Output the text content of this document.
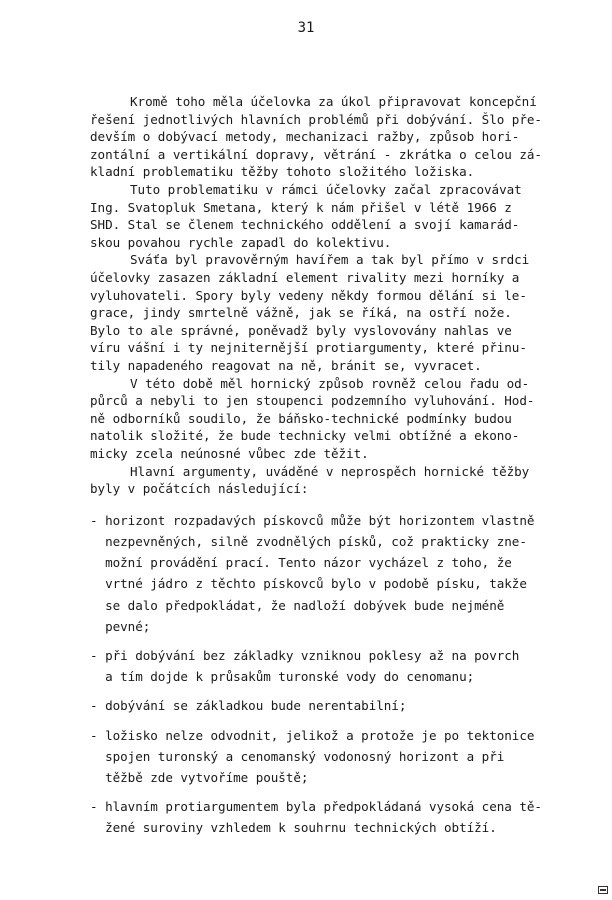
31
Kromě toho měla účelovka za úkol připravovat koncepční
řešení jednotlivých hlavních problémů při dobývání. Šlo pře-
devším o dobývací metody, mechanizaci ražby, způsob hori-
zontální a vertikální dopravy, větrání - zkrátka o celou zá-
kladní problematiku těžby tohoto složitého ložiska.
Tuto problematiku v rámci účelovky začal zpracovávat
Ing. Svatopluk Smetana, který k nám přišel v létě 1966 z
SHD. Stal se členem technického oddělení a svojí kamarád-
skou povahou rychle zapadl do kolektivu.
Sváťa byl pravověrným havířem a tak byl přímo v srdci
účelovky zasazen základní element rivality mezi horníky a
vyluhovateli. Spory byly vedeny někdy formou dělání si le-
grace, jindy smrtelně vážně, jak se říká, na ostří nože.
Bylo to ale správné, poněvadž byly vyslovovány nahlas ve
víru vášní i ty nejniternější protiargumenty, které přinu-
tily napadeného reagovat na ně, bránit se, vyvracet.
V této době měl hornický způsob rovněž celou řadu od-
půrců a nebyli to jen stoupenci podzemního vyluhování. Hod-
ně odborníků soudilo, že báňsko-technické podmínky budou
natolik složité, že bude technicky velmi obtížné a ekono-
micky zcela neúnosné vůbec zde těžit.
Hlavní argumenty, uváděné v neprospěch hornické těžby
byly v počátcích následující:
- horizont rozpadavých pískovců může být horizontem vlastně
nezpevněných, silně zvodnělých písků, což prakticky zne-
možní provádění prací. Tento názor vycházel z toho, že
vrtné jádro z těchto pískovců bylo v podobě písku, takže
se dalo předpokládat, že nadloží dobývek bude nejméně
pevné;
- při dobývání bez základky vzniknou poklesy až na povrch
a tím dojde k průsakům turonské vody do cenomanu;
- dobývání se základkou bude nerentabilní;
- ložisko nelze odvodnit, jelikož a protože je po tektonice
spojen turonský a cenomanský vodonosný horizont a při
těžbě zde vytvoříme pouště;
- hlavním protiargumentem byla předpokládaná vysoká cena tě-
žené suroviny vzhledem k souhrnu technických obtíží.
